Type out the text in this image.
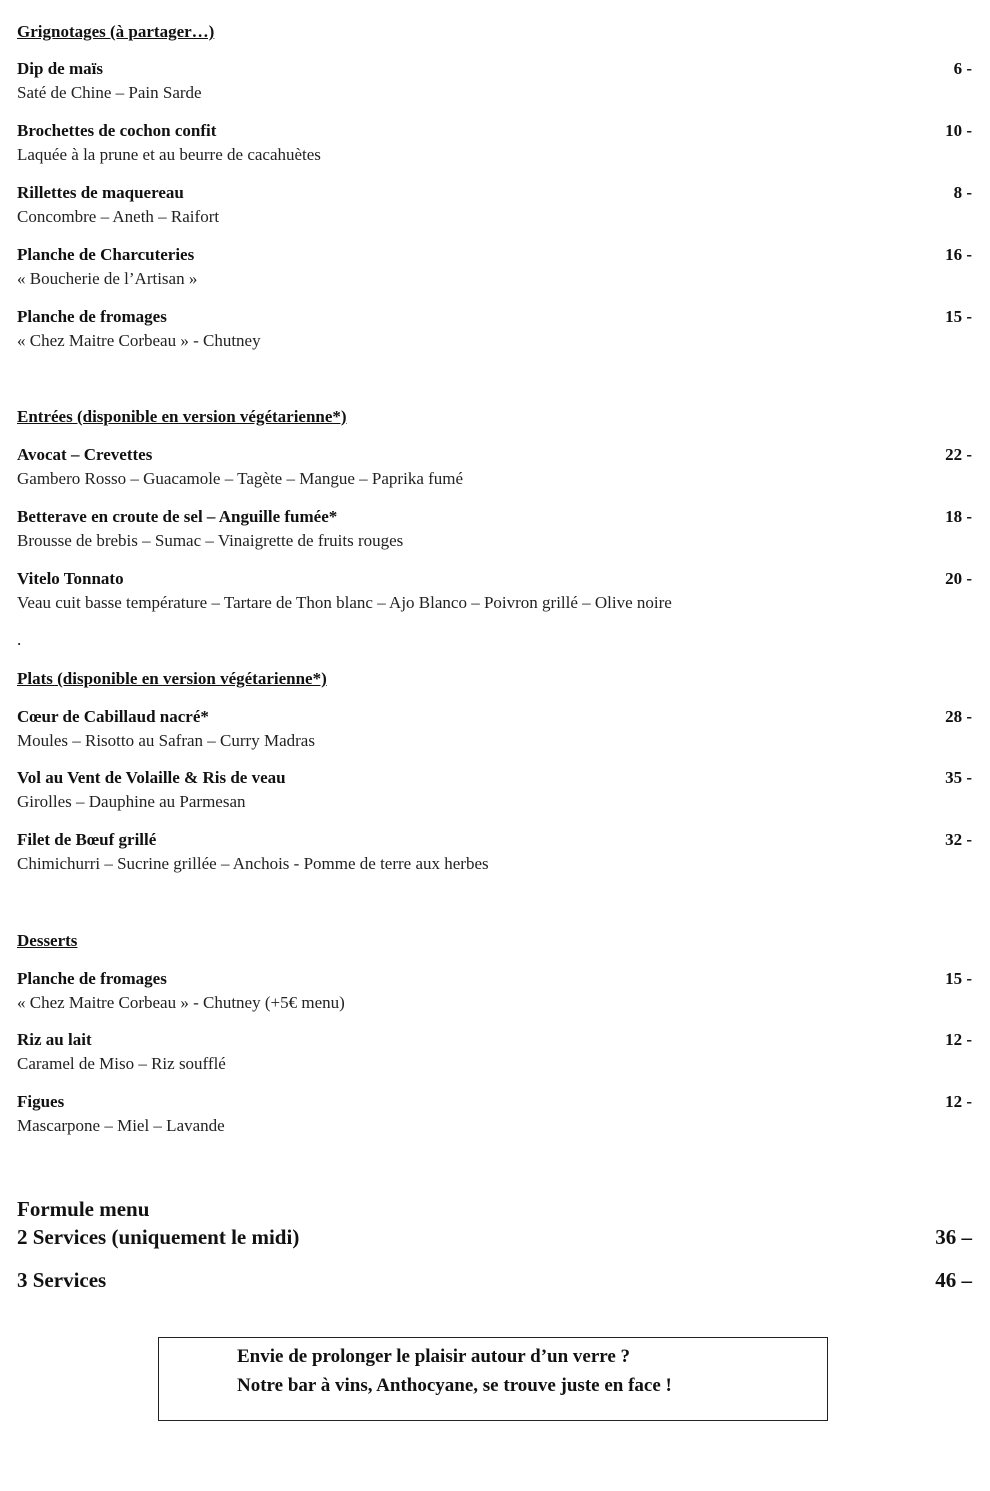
Grignotages (à partager…)
Dip de maïs	6 -
Saté de Chine – Pain Sarde
Brochettes de cochon confit	10 -
Laquée à la prune et au beurre de cacahuètes
Rillettes de maquereau	8 -
Concombre – Aneth – Raifort
Planche de Charcuteries	16 -
« Boucherie de l’Artisan »
Planche de fromages	15 -
« Chez Maitre Corbeau » - Chutney
Entrées (disponible en version végétarienne*)
Avocat – Crevettes	22 -
Gambero Rosso – Guacamole – Tagète – Mangue – Paprika fumé
Betterave en croute de sel – Anguille fumée*	18 -
Brousse de brebis – Sumac – Vinaigrette de fruits rouges
Vitelo Tonnato	20 -
Veau cuit basse température – Tartare de Thon blanc – Ajo Blanco – Poivron grillé – Olive noire
.
Plats (disponible en version végétarienne*)
Cœur de Cabillaud nacré*	28 -
Moules – Risotto au Safran – Curry Madras
Vol au Vent de Volaille & Ris de veau	35 -
Girolles – Dauphine au Parmesan
Filet de Bœuf grillé	32 -
Chimichurri – Sucrine grillée – Anchois - Pomme de terre aux herbes
Desserts
Planche de fromages	15 -
« Chez Maitre Corbeau » - Chutney (+5€ menu)
Riz au lait	12 -
Caramel de Miso – Riz soufflé
Figues	12 -
Mascarpone – Miel – Lavande
Formule menu
2 Services (uniquement le midi)	36 –
3 Services	46 –
Envie de prolonger le plaisir autour d’un verre ?
Notre bar à vins, Anthocyane, se trouve juste en face !
